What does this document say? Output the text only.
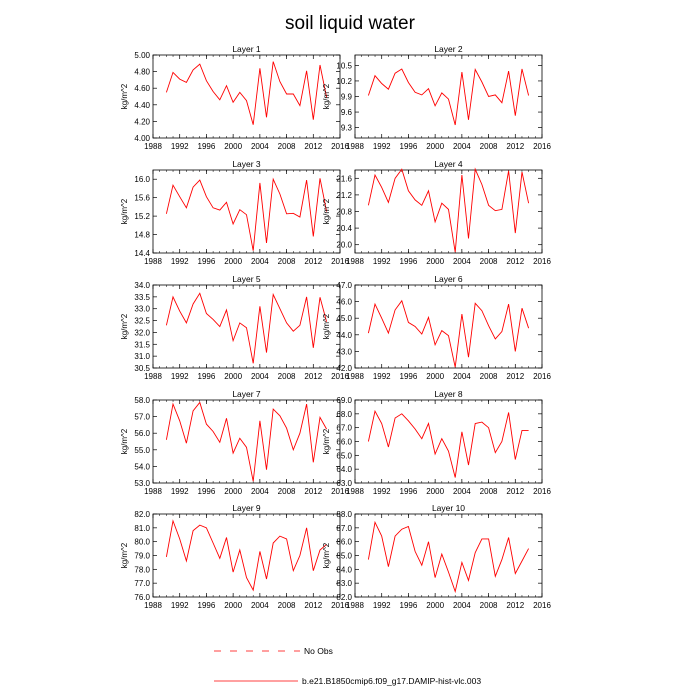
soil liquid water
Layer 1
1988 1992 1996 2000 2004 2008 2012 2016
4.00
4.20
4.40
4.60
4.80
5.00
kg/m^2
Layer 2
1988 1992 1996 2000 2004 2008 2012 2016
9.3
9.6
9.9
10.2
10.5
kg/m^2
Layer 3
1988 1992 1996 2000 2004 2008 2012 2016
14.4
14.8
15.2
15.6
16.0
kg/m^2
Layer 4
1988 1992 1996 2000 2004 2008 2012 2016
20.0
20.4
20.8
21.2
21.6
kg/m^2
Layer 5
1988 1992 1996 2000 2004 2008 2012 2016
30.5
31.0
31.5
32.0
32.5
33.0
33.5
34.0
kg/m^2
Layer 6
1988 1992 1996 2000 2004 2008 2012 2016
42.0
43.0
44.0
45.0
46.0
47.0
kg/m^2
Layer 7
1988 1992 1996 2000 2004 2008 2012 2016
53.0
54.0
55.0
56.0
57.0
58.0
kg/m^2
Layer 8
1988 1992 1996 2000 2004 2008 2012 2016
63.0
64.0
65.0
66.0
67.0
68.0
69.0
kg/m^2
Layer 9
1988 1992 1996 2000 2004 2008 2012 2016
76.0
77.0
78.0
79.0
80.0
81.0
82.0
kg/m^2
Layer 10
1988 1992 1996 2000 2004 2008 2012 2016
82.0
83.0
84.0
85.0
86.0
87.0
88.0
kg/m^2
No Obs
b.e21.B1850cmip6.f09_g17.DAMIP-hist-vlc.003
